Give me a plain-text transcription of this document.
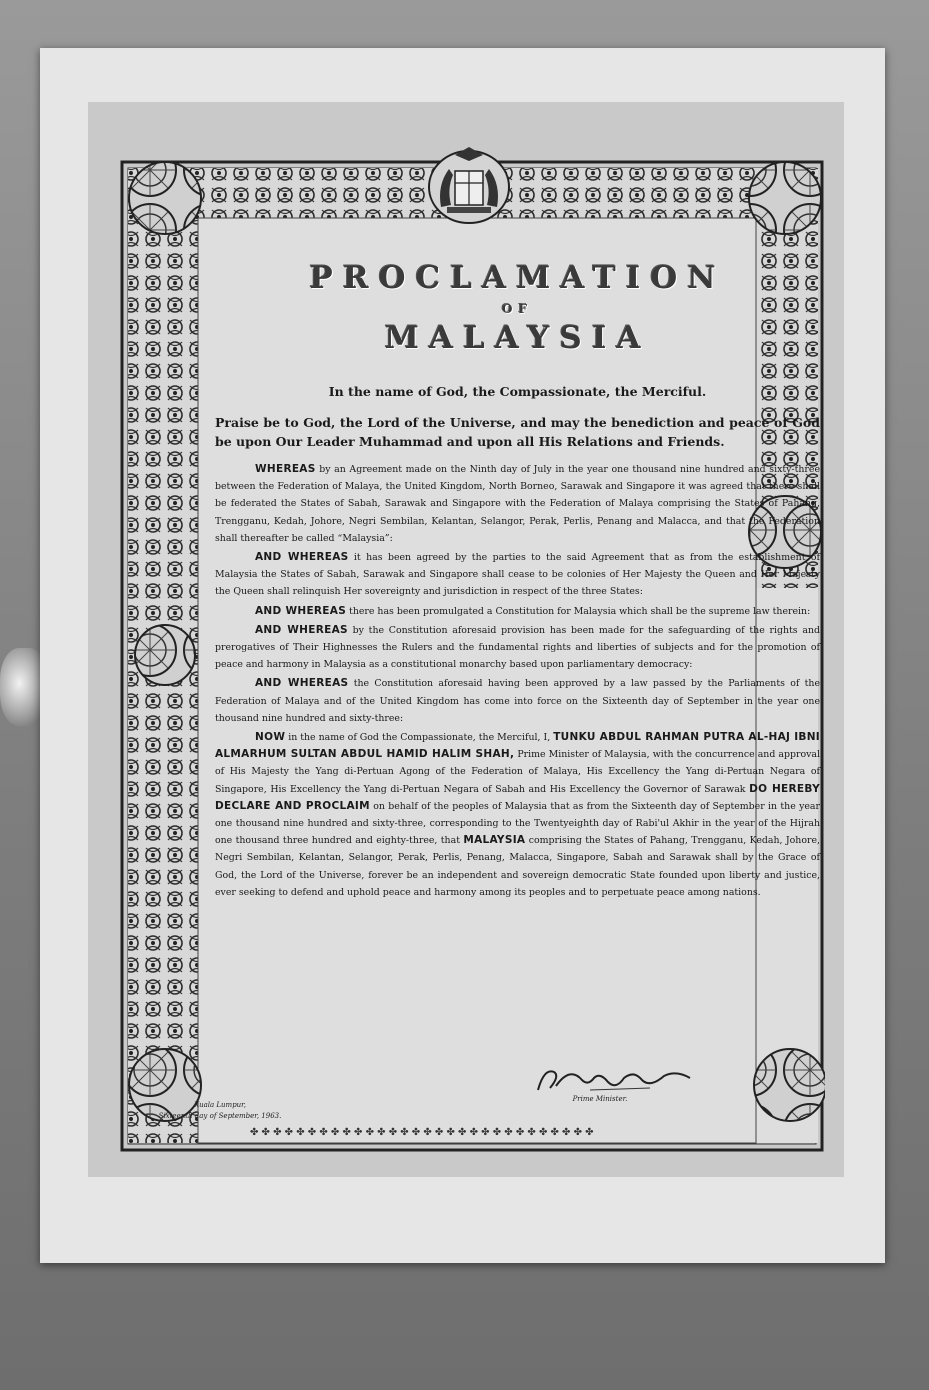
✤ ✤ ✤ ✤ ✤ ✤ ✤ ✤ ✤ ✤ ✤ ✤ ✤ ✤ ✤ ✤ ✤ ✤ ✤ ✤ ✤ ✤ ✤ ✤ ✤ ✤ ✤ ✤ ✤ ✤
PROCLAMATION
OF
MALAYSIA
In the name of God, the Compassionate, the Merciful.
Praise be to God, the Lord of the Universe, and may the benediction and peace of God be upon Our Leader Muhammad and upon all His Relations and Friends.

WHEREAS by an Agreement made on the Ninth day of July in the year one thousand nine hundred and sixty-three between the Federation of Malaya, the United Kingdom, North Borneo, Sarawak and Singapore it was agreed that there shall be federated the States of Sabah, Sarawak and Singapore with the Federation of Malaya comprising the States of Pahang, Trengganu, Kedah, Johore, Negri Sembilan, Kelantan, Selangor, Perak, Perlis, Penang and Malacca, and that the Federation shall thereafter be called “Malaysia”:

AND WHEREAS it has been agreed by the parties to the said Agreement that as from the establishment of Malaysia the States of Sabah, Sarawak and Singapore shall cease to be colonies of Her Majesty the Queen and Her Majesty the Queen shall relinquish Her sovereignty and jurisdiction in respect of the three States:

AND WHEREAS there has been promulgated a Constitution for Malaysia which shall be the supreme law therein:

AND WHEREAS by the Constitution aforesaid provision has been made for the safeguarding of the rights and prerogatives of Their Highnesses the Rulers and the fundamental rights and liberties of subjects and for the promotion of peace and harmony in Malaysia as a constitutional monarchy based upon parliamentary democracy:

AND WHEREAS the Constitution aforesaid having been approved by a law passed by the Parliaments of the Federation of Malaya and of the United Kingdom has come into force on the Sixteenth day of September in the year one thousand nine hundred and sixty-three:

NOW in the name of God the Compassionate, the Merciful, I, TUNKU ABDUL RAHMAN PUTRA AL-HAJ IBNI ALMARHUM SULTAN ABDUL HAMID HALIM SHAH, Prime Minister of Malaysia, with the concurrence and approval of His Majesty the Yang di-Pertuan Agong of the Federation of Malaya, His Excellency the Yang di-Pertuan Negara of Singapore, His Excellency the Yang di-Pertuan Negara of Sabah and His Excellency the Governor of Sarawak DO HEREBY DECLARE AND PROCLAIM on behalf of the peoples of Malaysia that as from the Sixteenth day of September in the year one thousand nine hundred and sixty-three, corresponding to the Twentyeighth day of Rabi'ul Akhir in the year of the Hijrah one thousand three hundred and eighty-three, that MALAYSIA comprising the States of Pahang, Trengganu, Kedah, Johore, Negri Sembilan, Kelantan, Selangor, Perak, Perlis, Penang, Malacca, Singapore, Sabah and Sarawak shall by the Grace of God, the Lord of the Universe, forever be an independent and sovereign democratic State founded upon liberty and justice, ever seeking to defend and uphold peace and harmony among its peoples and to perpetuate peace among nations.

Kuala Lumpur,
Sixteenth day of September, 1963.
Prime Minister.
